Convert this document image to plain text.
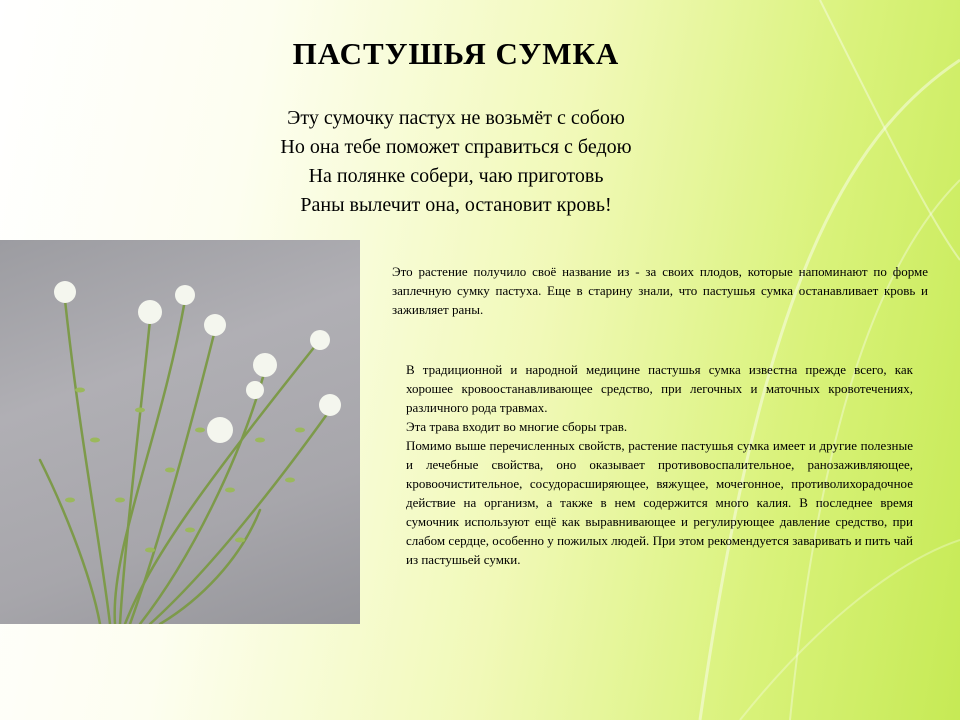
ПАСТУШЬЯ СУМКА
Эту сумочку пастух не возьмёт с собою
Но она тебе поможет справиться с бедою
На полянке собери, чаю приготовь
Раны вылечит она, остановит кровь!
Это растение получило своё название из - за своих плодов, которые напоминают по форме заплечную сумку пастуха. Еще в старину знали, что пастушья сумка останавливает кровь и заживляет раны.

В традиционной и народной медицине пастушья сумка известна прежде всего, как хорошее кровоостанавливающее средство, при легочных и маточных кровотечениях, различного рода травмах.

Эта трава входит во многие сборы трав.

Помимо выше перечисленных свойств, растение пастушья сумка имеет и другие полезные и лечебные свойства, оно оказывает противовоспалительное, ранозаживляющее, кровоочистительное, сосудорасширяющее, вяжущее, мочегонное, противолихорадочное действие на организм, а также в нем содержится много калия. В последнее время сумочник используют ещё как выравнивающее и регулирующее давление средство, при слабом сердце, особенно у пожилых людей. При этом рекомендуется заваривать и пить чай из пастушьей сумки.
